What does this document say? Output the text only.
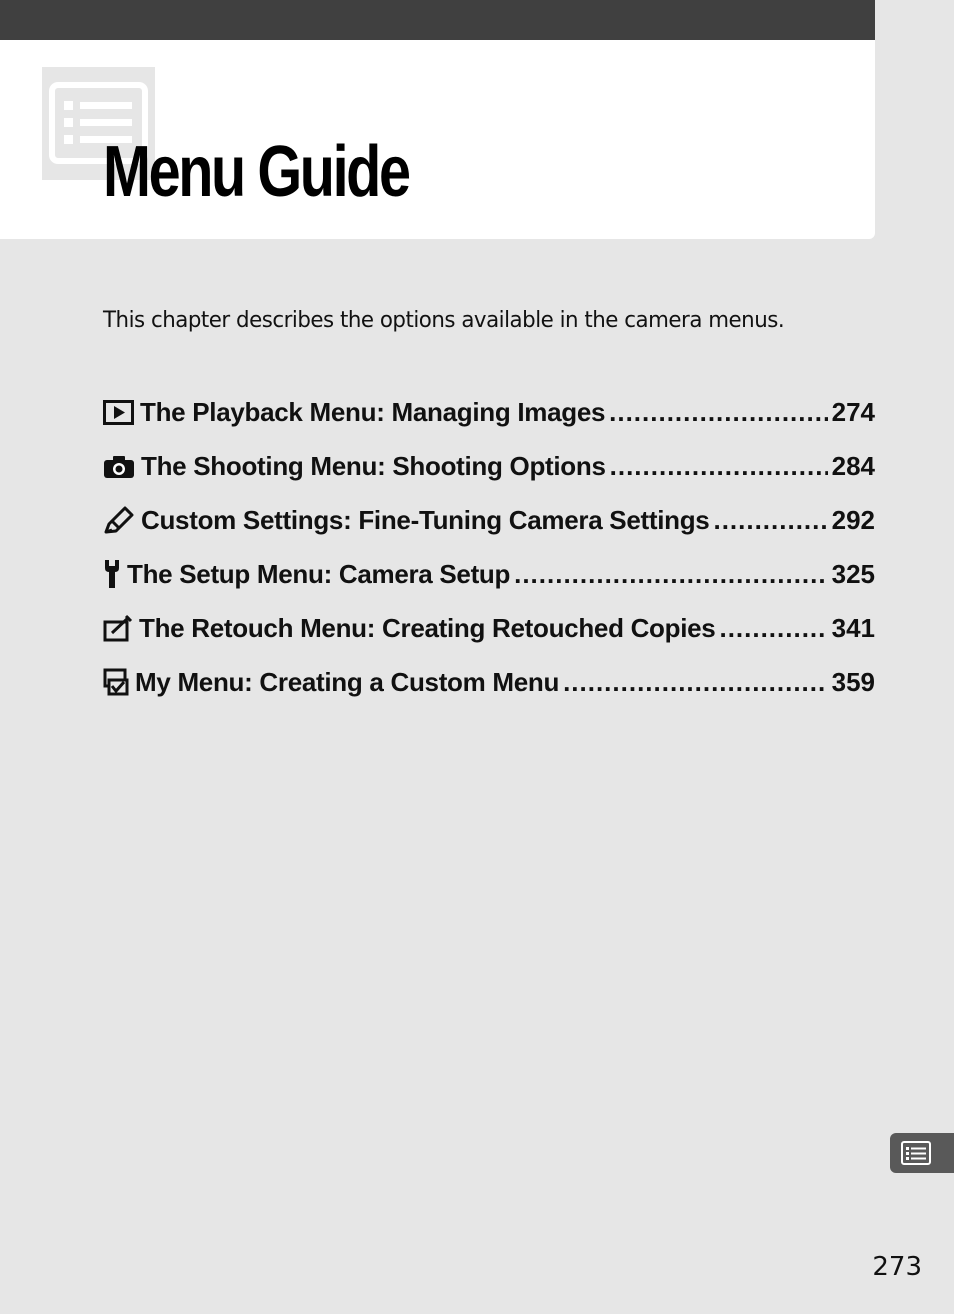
Menu Guide

This chapter describes the options available in the camera menus.

The Playback Menu: Managing Images .....	274
The Shooting Menu: Shooting Options .....	284
Custom Settings: Fine-Tuning Camera Settings .....	292
The Setup Menu: Camera Setup .....	325
The Retouch Menu: Creating Retouched Copies .....	341
My Menu: Creating a Custom Menu .....	359
273
